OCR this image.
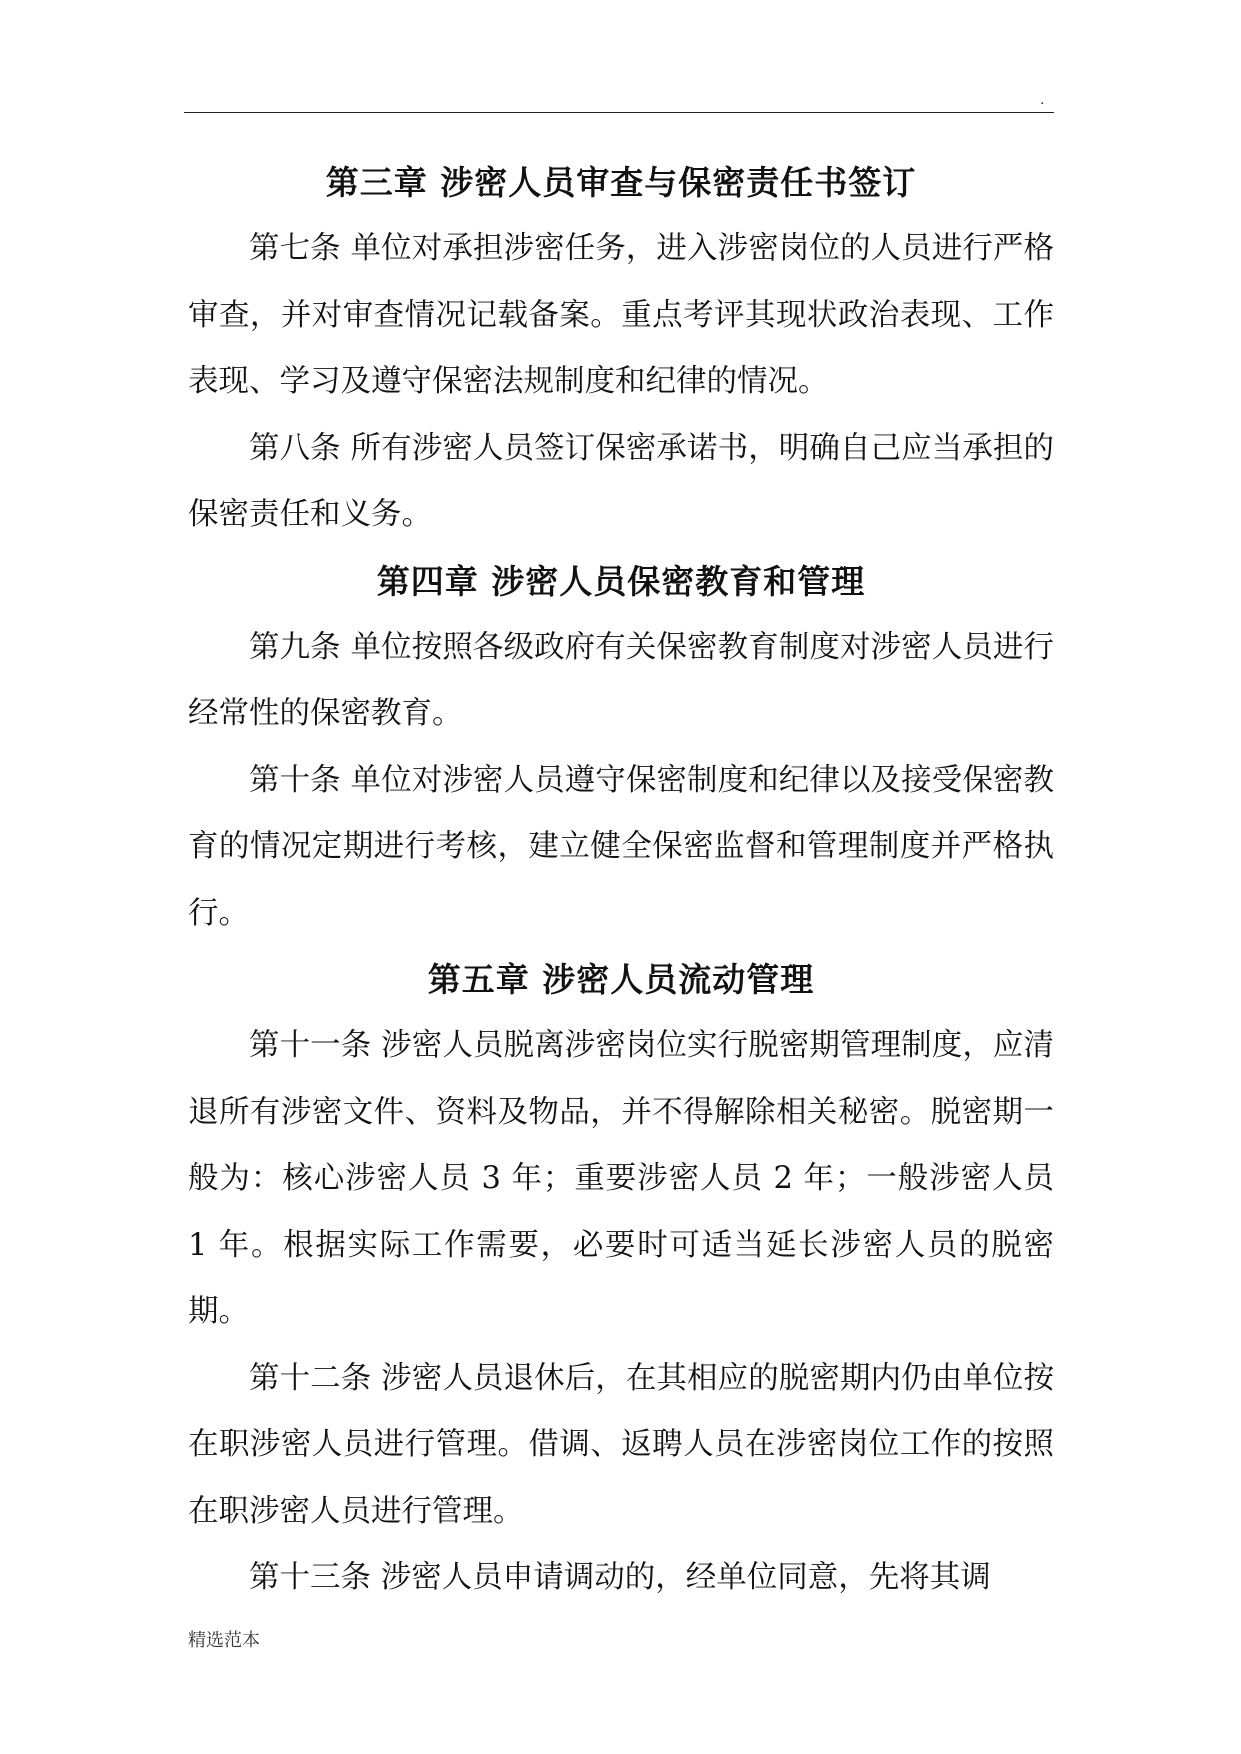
.
第三章 涉密人员审查与保密责任书签订

第七条 单位对承担涉密任务，进入涉密岗位的人员进行严格审查，并对审查情况记载备案。重点考评其现状政治表现、工作表现、学习及遵守保密法规制度和纪律的情况。

第八条 所有涉密人员签订保密承诺书，明确自己应当承担的保密责任和义务。

第四章 涉密人员保密教育和管理

第九条 单位按照各级政府有关保密教育制度对涉密人员进行经常性的保密教育。

第十条 单位对涉密人员遵守保密制度和纪律以及接受保密教育的情况定期进行考核，建立健全保密监督和管理制度并严格执行。

第五章 涉密人员流动管理

第十一条 涉密人员脱离涉密岗位实行脱密期管理制度，应清退所有涉密文件、资料及物品，并不得解除相关秘密。脱密期一般为：核心涉密人员 3 年；重要涉密人员 2 年；一般涉密人员 1 年。根据实际工作需要，必要时可适当延长涉密人员的脱密期。

第十二条 涉密人员退休后，在其相应的脱密期内仍由单位按在职涉密人员进行管理。借调、返聘人员在涉密岗位工作的按照在职涉密人员进行管理。

第十三条 涉密人员申请调动的，经单位同意，先将其调

精选范本
